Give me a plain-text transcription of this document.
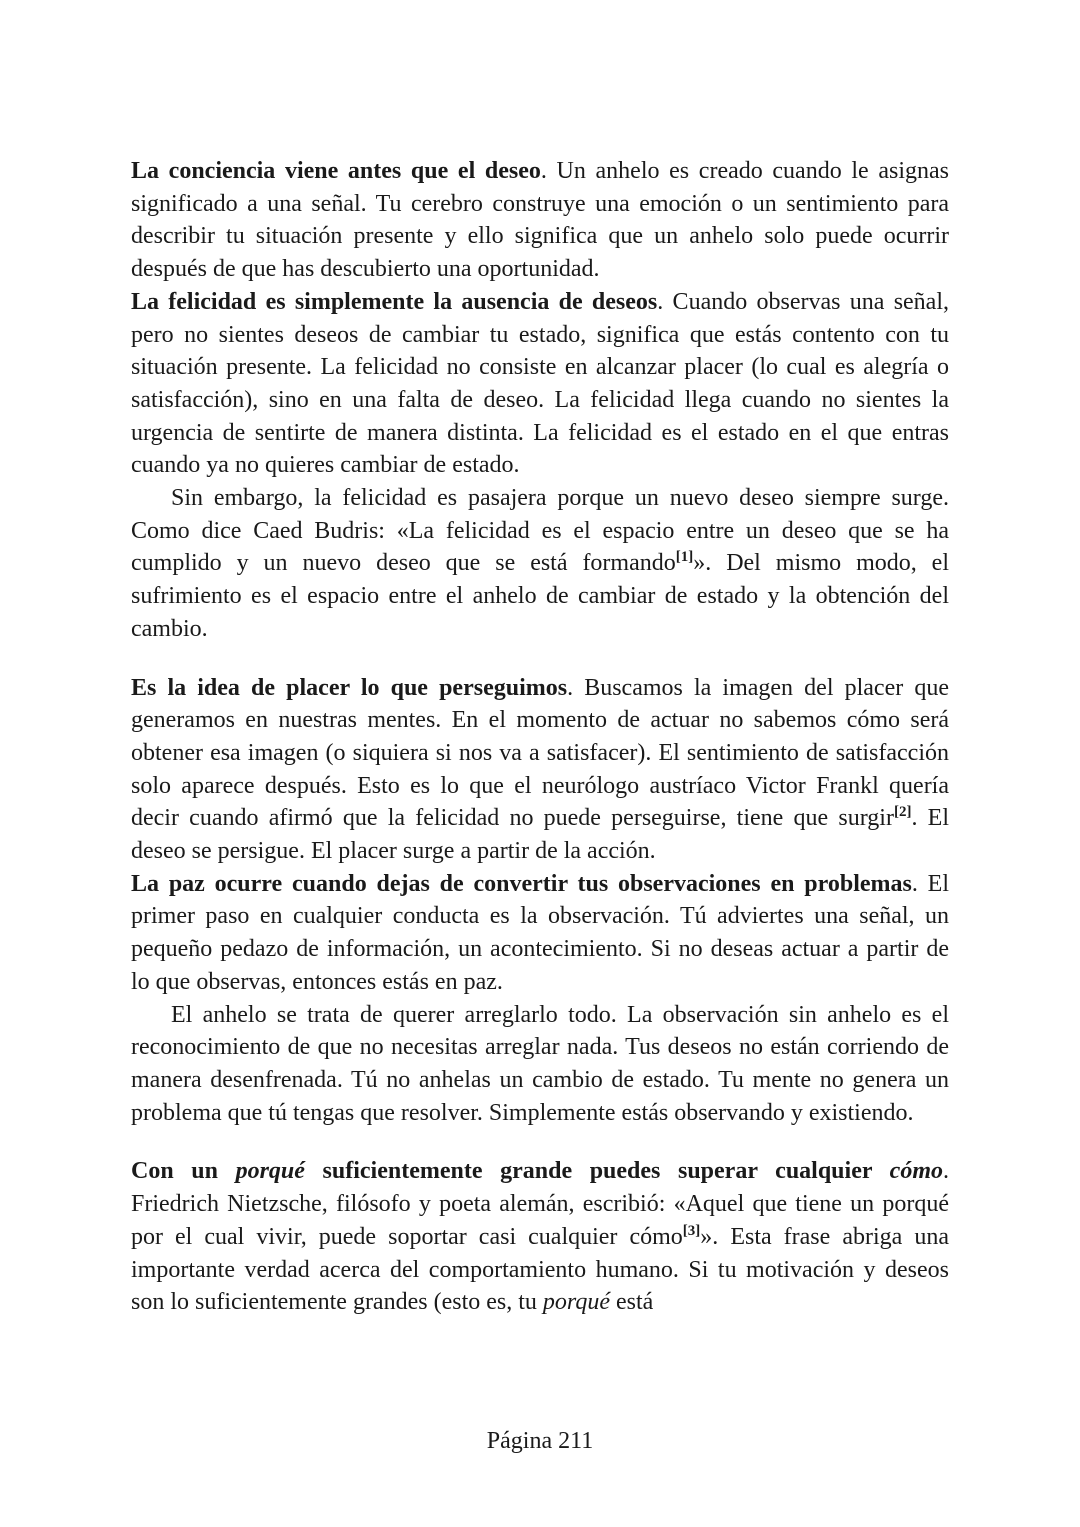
La conciencia viene antes que el deseo. Un anhelo es creado cuando le asignas significado a una señal. Tu cerebro construye una emoción o un sentimiento para describir tu situación presente y ello significa que un anhelo solo puede ocurrir después de que has descubierto una oportunidad.

La felicidad es simplemente la ausencia de deseos. Cuando observas una señal, pero no sientes deseos de cambiar tu estado, significa que estás contento con tu situación presente. La felicidad no consiste en alcanzar placer (lo cual es alegría o satisfacción), sino en una falta de deseo. La felicidad llega cuando no sientes la urgencia de sentirte de manera distinta. La felicidad es el estado en el que entras cuando ya no quieres cambiar de estado.

Sin embargo, la felicidad es pasajera porque un nuevo deseo siempre surge. Como dice Caed Budris: «La felicidad es el espacio entre un deseo que se ha cumplido y un nuevo deseo que se está formando[1]». Del mismo modo, el sufrimiento es el espacio entre el anhelo de cambiar de estado y la obtención del cambio.

Es la idea de placer lo que perseguimos. Buscamos la imagen del placer que generamos en nuestras mentes. En el momento de actuar no sabemos cómo será obtener esa imagen (o siquiera si nos va a satisfacer). El sentimiento de satisfacción solo aparece después. Esto es lo que el neurólogo austríaco Victor Frankl quería decir cuando afirmó que la felicidad no puede perseguirse, tiene que surgir[2]. El deseo se persigue. El placer surge a partir de la acción.

La paz ocurre cuando dejas de convertir tus observaciones en problemas. El primer paso en cualquier conducta es la observación. Tú adviertes una señal, un pequeño pedazo de información, un acontecimiento. Si no deseas actuar a partir de lo que observas, entonces estás en paz.

El anhelo se trata de querer arreglarlo todo. La observación sin anhelo es el reconocimiento de que no necesitas arreglar nada. Tus deseos no están corriendo de manera desenfrenada. Tú no anhelas un cambio de estado. Tu mente no genera un problema que tú tengas que resolver. Simplemente estás observando y existiendo.

Con un porqué suficientemente grande puedes superar cualquier cómo. Friedrich Nietzsche, filósofo y poeta alemán, escribió: «Aquel que tiene un porqué por el cual vivir, puede soportar casi cualquier cómo[3]». Esta frase abriga una importante verdad acerca del comportamiento humano. Si tu motivación y deseos son lo suficientemente grandes (esto es, tu porqué está

Página 211
